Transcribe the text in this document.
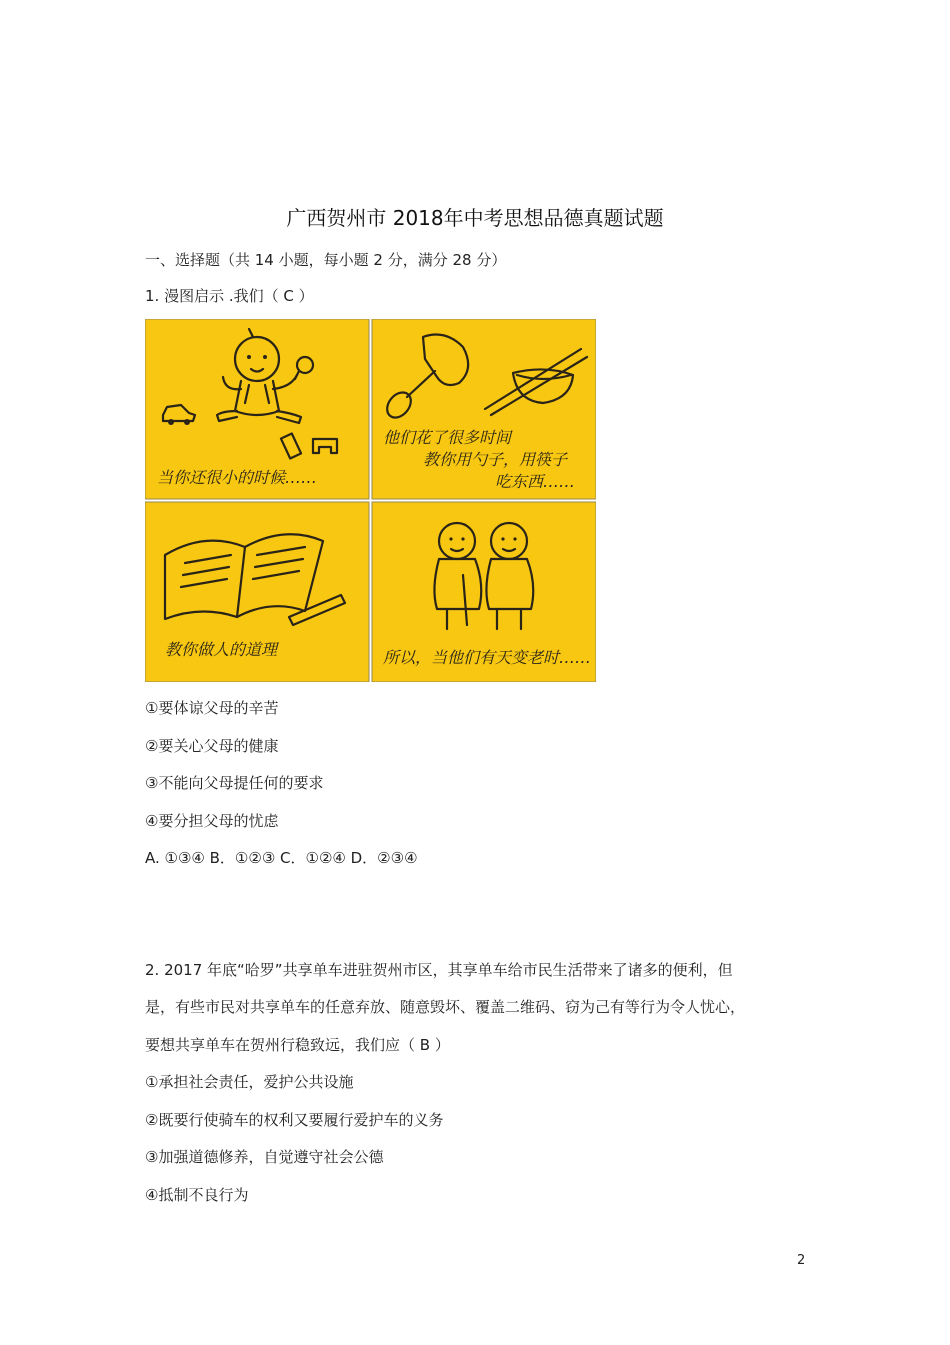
广西贺州市 2018年中考思想品德真题试题
一、选择题（共 14 小题，每小题 2 分，满分 28 分）
1. 漫图启示 .我们（ C ）
当你还很小的时候……
他们花了很多时间
教你用勺子，用筷子
吃东西……
教你做人的道理	所以，当他们有天变老时……
①要体谅父母的辛苦
②要关心父母的健康
③不能向父母提任何的要求
④要分担父母的忧虑
A. ①③④ B．①②③ C．①②④ D．②③④
2. 2017 年底“哈罗”共享单车进驻贺州市区，其享单车给市民生活带来了诸多的便利，但
是，有些市民对共享单车的任意弃放、随意毁坏、覆盖二维码、窃为己有等行为令人忧心，
要想共享单车在贺州行稳致远，我们应（ B ）
①承担社会责任，爱护公共设施
②既要行使骑车的权利又要履行爱护车的义务
③加强道德修养，自觉遵守社会公德
④抵制不良行为
2
